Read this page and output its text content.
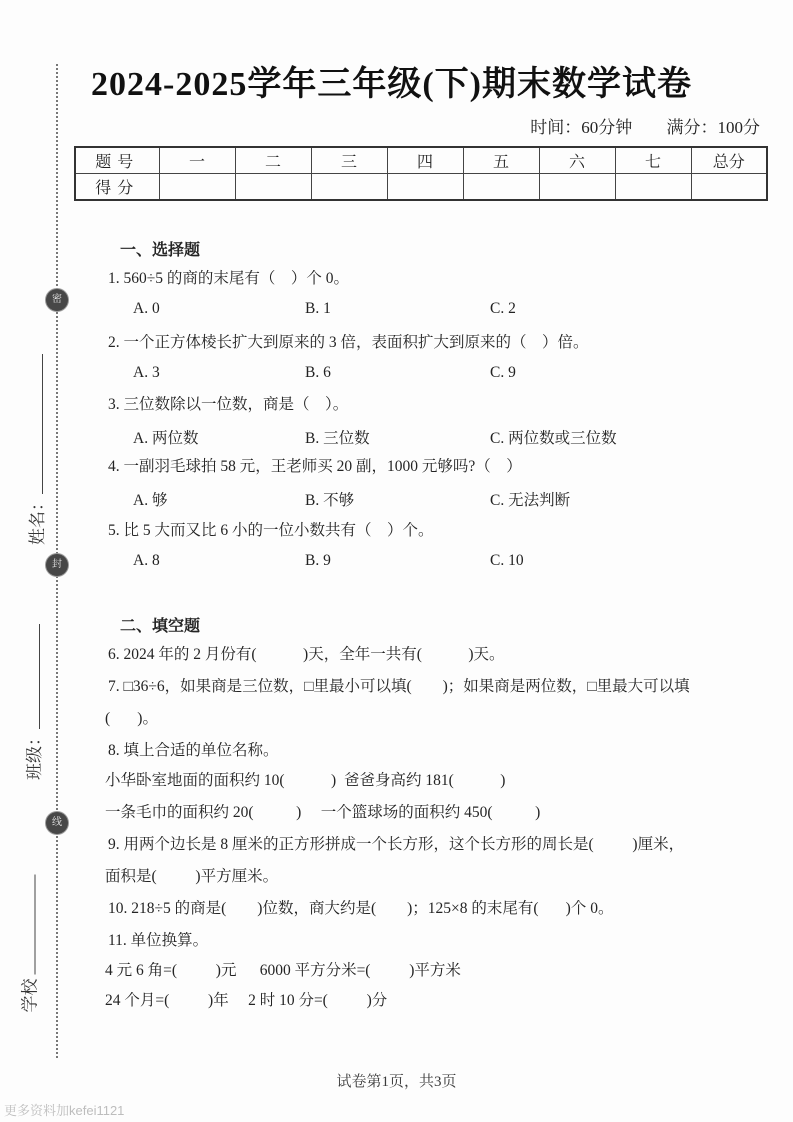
密
封
线
姓名：
班级：
学校
2024-2025学年三年级(下)期末数学试卷
时间：60分钟 满分：100分
题号	一	二	三	四	五	六	七	总分
得分								
一、选择题
1. 560÷5 的商的末尾有（　）个 0。
A. 0	B. 1	C. 2
2. 一个正方体棱长扩大到原来的 3 倍，表面积扩大到原来的（　）倍。
A. 3	B. 6	C. 9
3. 三位数除以一位数，商是（　）。
A. 两位数	B. 三位数	C. 两位数或三位数
4. 一副羽毛球拍 58 元，王老师买 20 副，1000 元够吗?（　）
A. 够	B. 不够	C. 无法判断
5. 比 5 大而又比 6 小的一位小数共有（　）个。
A. 8	B. 9	C. 10
二、填空题
6. 2024 年的 2 月份有(            )天，全年一共有(            )天。
7. □36÷6，如果商是三位数，□里最小可以填(        )；如果商是两位数，□里最大可以填
(       )。
8. 填上合适的单位名称。
小华卧室地面的面积约 10(            )  爸爸身高约 181(            )
一条毛巾的面积约 20(           )     一个篮球场的面积约 450(           )
9. 用两个边长是 8 厘米的正方形拼成一个长方形，这个长方形的周长是(          )厘米，
面积是(          )平方厘米。
10. 218÷5 的商是(        )位数，商大约是(        )；125×8 的末尾有(       )个 0。
11. 单位换算。
4 元 6 角=(          )元      6000 平方分米=(          )平方米
24 个月=(          )年     2 时 10 分=(          )分
试卷第1页，共3页
更多资料加kefei1121
